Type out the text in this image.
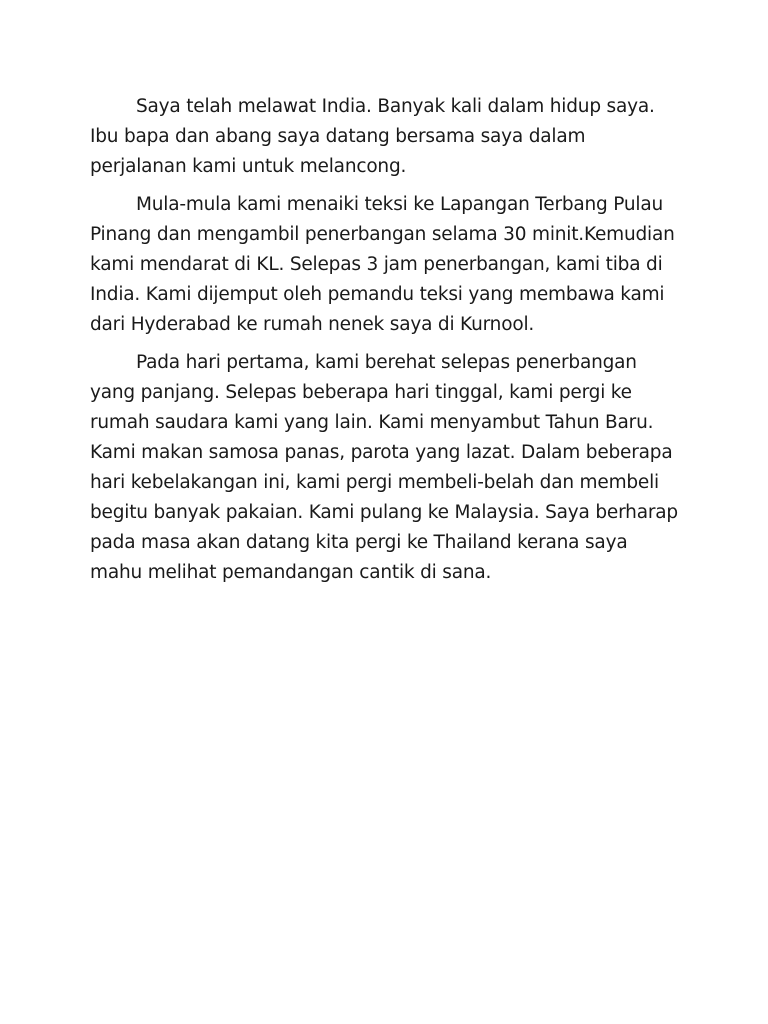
Saya telah melawat India. Banyak kali dalam hidup saya.
Ibu bapa dan abang saya datang bersama saya dalam
perjalanan kami untuk melancong.

Mula-mula kami menaiki teksi ke Lapangan Terbang Pulau
Pinang dan mengambil penerbangan selama 30 minit.Kemudian
kami mendarat di KL. Selepas 3 jam penerbangan, kami tiba di
India. Kami dijemput oleh pemandu teksi yang membawa kami
dari Hyderabad ke rumah nenek saya di Kurnool.

Pada hari pertama, kami berehat selepas penerbangan
yang panjang. Selepas beberapa hari tinggal, kami pergi ke
rumah saudara kami yang lain. Kami menyambut Tahun Baru.
Kami makan samosa panas, parota yang lazat. Dalam beberapa
hari kebelakangan ini, kami pergi membeli-belah dan membeli
begitu banyak pakaian. Kami pulang ke Malaysia. Saya berharap
pada masa akan datang kita pergi ke Thailand kerana saya
mahu melihat pemandangan cantik di sana.
